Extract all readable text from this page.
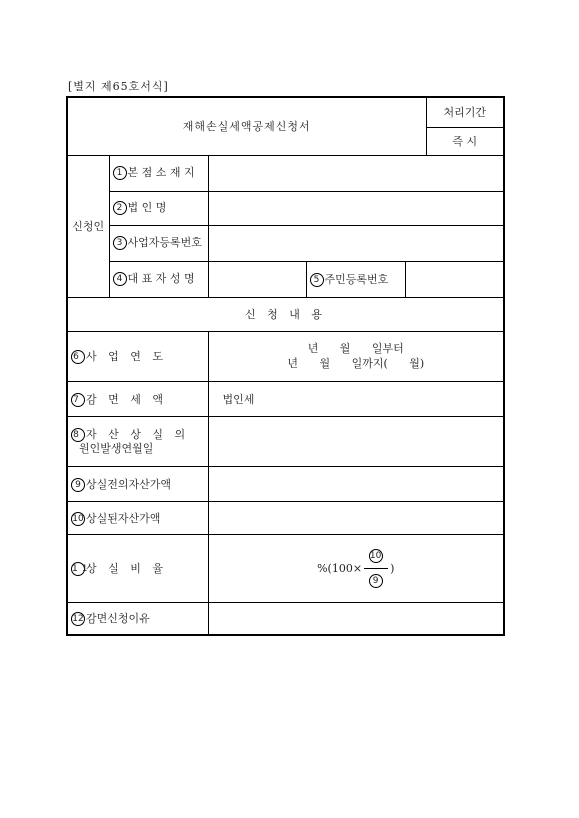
[별지 제65호서식]
재해손실세액공제신청서					처리기간
					즉 시
신청인	1 본 점 소 재 지				
	2 법 인 명				
	3 사업자등록번호				
	4 대 표 자 성 명		5 주민등록번호		
신 청 내 용					
6 사 업 연 도		년 월 일부터
년 월 일까지( 월)			

7 감 면 세 액		법인세			

8 자 산 상 실 의
원인발생연월일					

9 상실전의자산가액					
10 상실된자산가액					
11상 실 비 율		$\%(100\times \frac{10}{9}$ )			

12 감면신청이유					
